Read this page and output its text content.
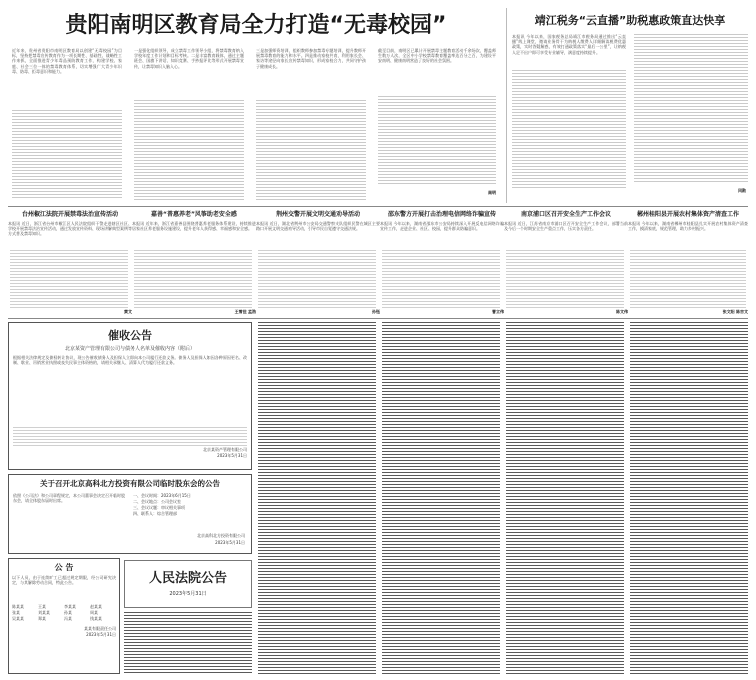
贵阳南明区教育局全力打造“无毒校园”
近年来，贵州省贵阳市南明区教育局以创建“无毒校园”为目标，坚持把禁毒宣传教育作为一项长期性、基础性、战略性工作来抓，全面推进青少年毒品预防教育工作，构建学校、家庭、社会三位一体的禁毒教育体系，切实增强广大青少年识毒、防毒、拒毒意识和能力。
一是强化组织领导，成立禁毒工作领导小组，将禁毒教育纳入学校年度工作计划和目标考核。二是丰富教育载体，通过主题班会、国旗下讲话、知识竞赛、手抄报评比等形式开展禁毒宣传，让禁毒知识入脑入心。
三是加强师资培训，组织教师参加禁毒专题培训，提升教师开展禁毒教育的能力和水平。四是推动家校共育，利用家长会、家访等途径向家长宣传禁毒知识，形成家校合力，共同守护孩子健康成长。
截至目前，南明区已累计开展禁毒主题教育活动千余场次，覆盖师生数万人次，全区中小学校禁毒教育覆盖率达百分之百，为建设平安南明、健康南明营造了良好的社会氛围。
南明
靖江税务“云直播”助税惠政策直达快享
本报讯 今年以来，国家税务总局靖江市税务局通过推出“云直播”线上课堂，邀请业务骨干为纳税人缴费人详细解读税费优惠政策，实时答疑解惑，有效打通政策落实“最后一公里”，让纳税人足不出户即可享受专业辅导，满意度持续提升。
闫勋
台州椒江法院开展禁毒法治宣传活动
本报讯 近日，浙江省台州市椒江区人民法院组织干警走进辖区社区、学校开展禁毒法治宣传活动，通过发放宣传资料、现场讲解典型案例等方式普及禁毒知识。
黄文
嘉善“普惠养老”风筝助老安全感
本报讯 近年来，浙江省嘉善县围绕普惠养老服务体系建设，持续推进居家社区养老服务设施建设，提升老年人获得感、幸福感和安全感。
王雪佳 孟浩
荆州交警开展文明交通劝导活动
本报讯 近日，湖北省荆州市公安局交通警察支队组织民警在城区主要路口开展文明交通劝导活动，引导市民自觉遵守交通法规。
孙钰
邵东警方开展打击治理电信网络诈骗宣传
本报讯 今年以来，湖南省邵东市公安局持续深入开展反电信网络诈骗宣传工作，走进企业、社区、校园，提升群众防骗意识。
曹立伟
南京浦口区召开安全生产工作会议
本报讯 近日，江苏省南京市浦口区召开安全生产工作会议，部署当前及今后一个时期安全生产重点工作，压实各方责任。
陈文伟
郴州桂阳县开展农村集体资产清查工作
本报讯 今年以来，湖南省郴州市桂阳县扎实开展农村集体资产清查工作，摸清家底，规范管理，助力乡村振兴。
张文阳 陈吉文
催收公告
北京某资产管理有限公司与债务人名单及催收内容（附后）
根据相关法律规定及债权转让协议，现公告催收债务人及担保人立即向本公司履行还款义务。债务人及担保人如因各种原因更名、改制、歇业、吊销营业执照或丧失民事主体资格的，请相关承继人、清算人代为履行还款义务。
北京某资产管理有限公司
2023年5月31日
关于召开北京高科北方投资有限公司临时股东会的公告
依照《公司法》和公司章程规定，本公司董事会决定召开临时股东会，请全体股东届时出席。
一、会议时间：2023年6月15日
二、会议地点：公司会议室
三、会议议题：审议相关事项
四、联系人：综合管理部
北京高科北方投资有限公司
2023年5月31日
公 告
以下人员，由于连续旷工已超过规定期限，经公司研究决定，与其解除劳动合同，特此公告。
陈某某	王某	李某某	赵某某
张某	刘某某	孙某	周某
吴某某	郑某	冯某	钱某某
某某有限责任公司
2023年5月31日
人民法院公告
2023年5月31日
